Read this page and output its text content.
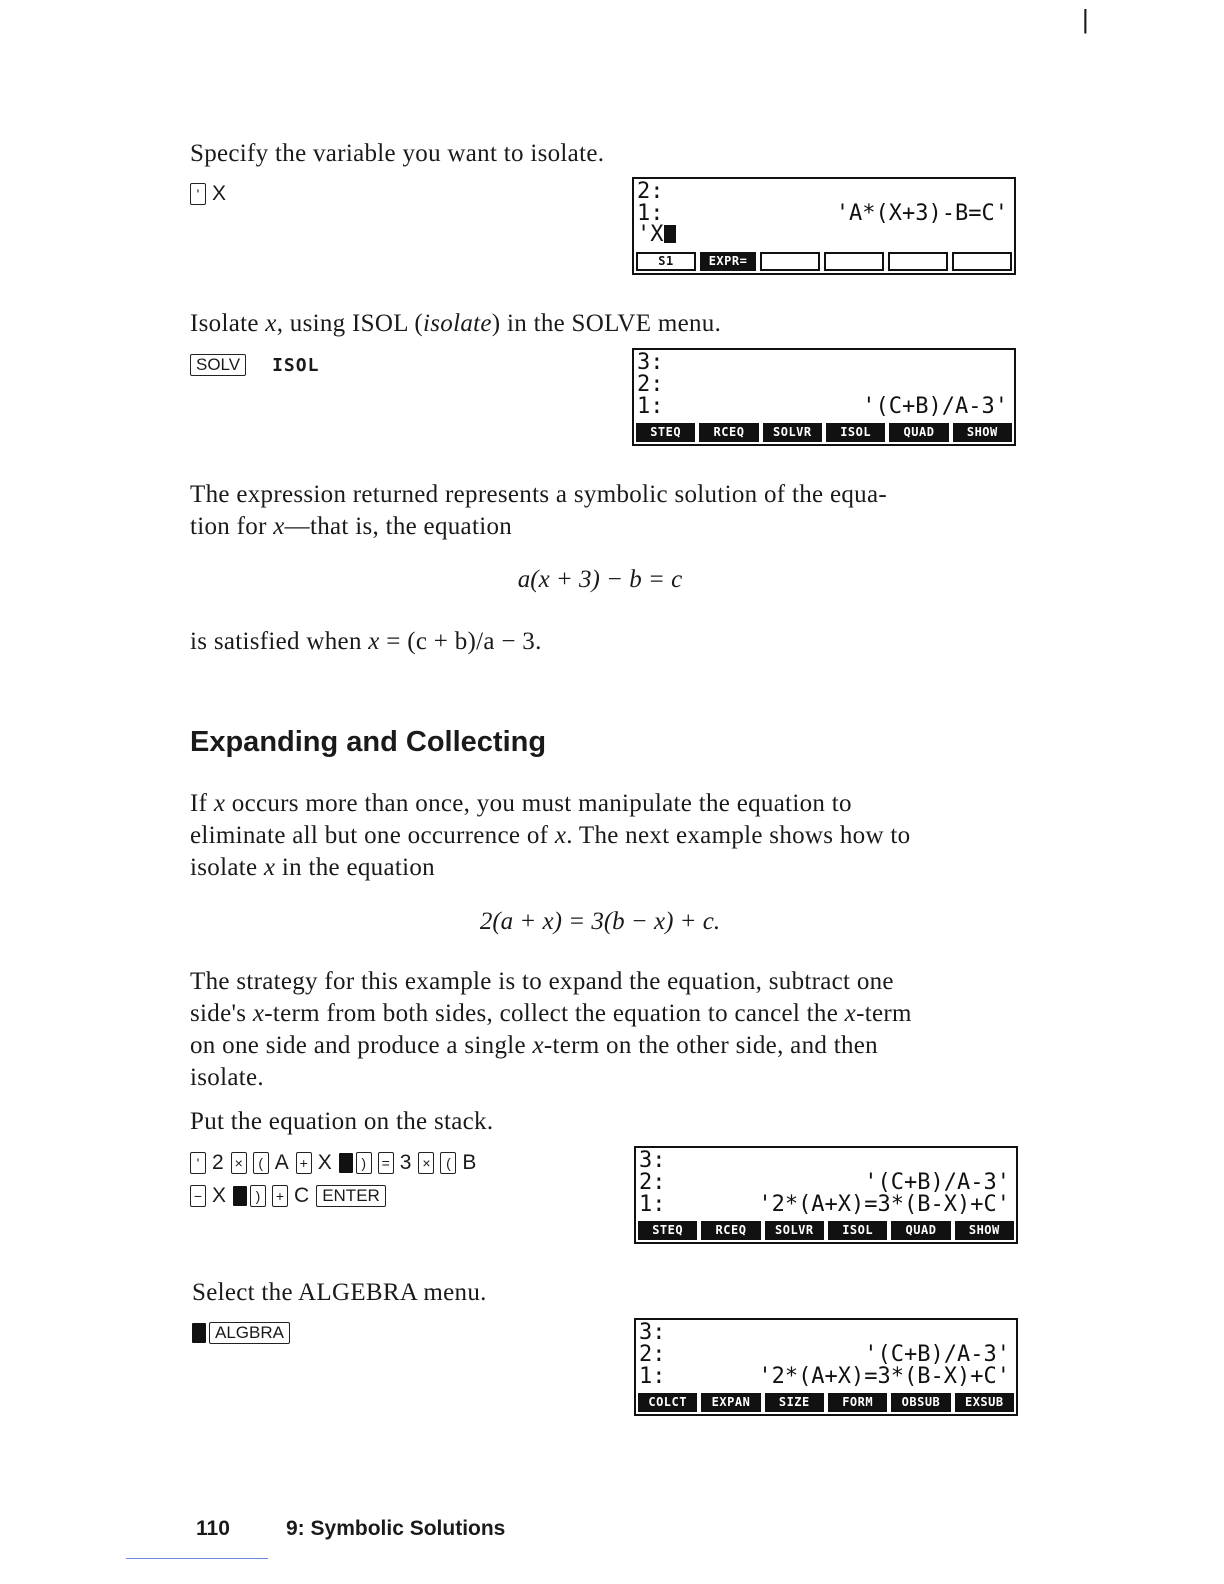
|
Specify the variable you want to isolate.
' X	2:
1:	'A*(X+3)-B=C'
'X
S1	EXPR=
Isolate x, using ISOL (isolate) in the SOLVE menu.
SOLV	ISOL	3:
2:
1:	'(C+B)/A-3'
STEQ	RCEQ	SOLVR	ISOL	QUAD	SHOW
The expression returned represents a symbolic solution of the equa-
tion for x—that is, the equation
a(x + 3) − b = c
is satisfied when x = (c + b)/a − 3.
Expanding and Collecting
If x occurs more than once, you must manipulate the equation to
eliminate all but one occurrence of x. The next example shows how to
isolate x in the equation
2(a + x) = 3(b − x) + c.
The strategy for this example is to expand the equation, subtract one
side's x-term from both sides, collect the equation to cancel the x-term
on one side and produce a single x-term on the other side, and then
isolate.
Put the equation on the stack.
' 2 ×	( A + X	)	= 3 ×	( B
− X	)	+ C ENTER
3:
2:	'(C+B)/A-3'
1:	'2*(A+X)=3*(B-X)+C'
STEQ	RCEQ	SOLVR	ISOL	QUAD	SHOW
Select the ALGEBRA menu.
ALGBRA	3:
2:	'(C+B)/A-3'
1:	'2*(A+X)=3*(B-X)+C'
COLCT	EXPAN	SIZE	FORM	OBSUB	EXSUB
110	9: Symbolic Solutions
